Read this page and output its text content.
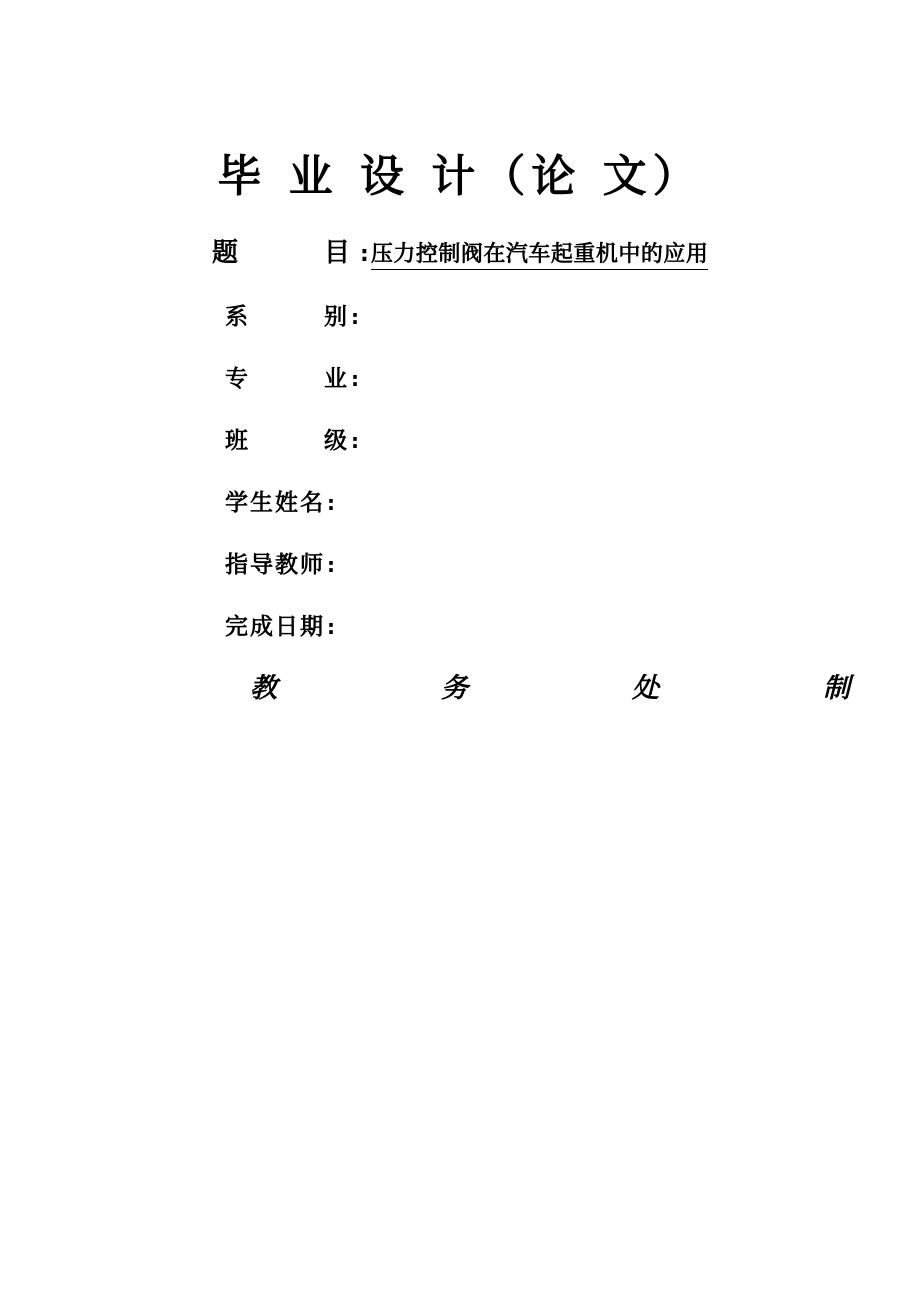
毕 业 设 计（论 文）
题	目 : 压力控制阀在汽车起重机中的应用
系	别 :
专	业 :
班	级 :
学生姓名 :
指导教师 :
完成日期 :
教	务	处	制
